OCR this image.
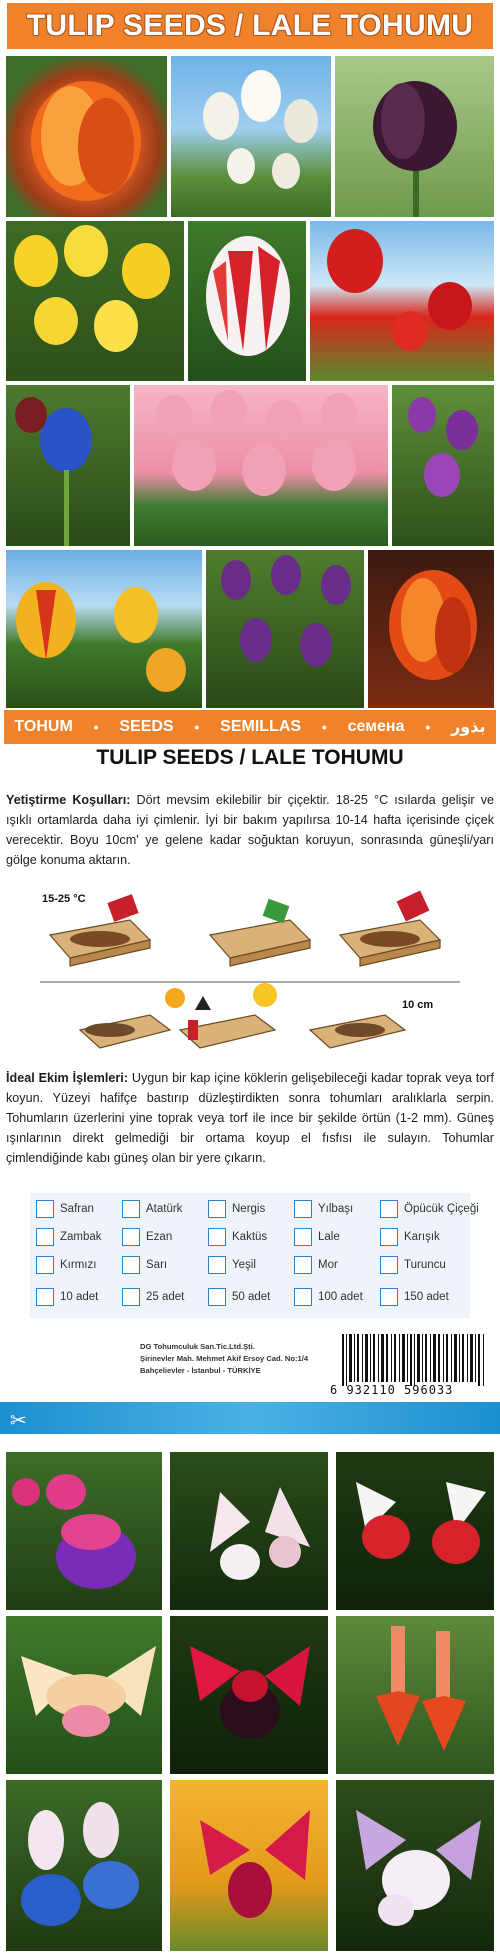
TULIP SEEDS / LALE TOHUMU
TOHUM • SEEDS • SEMILLAS • семена • بذور
TULIP SEEDS / LALE TOHUMU
Yetiştirme Koşulları: Dört mevsim ekilebilir bir çiçektir. 18-25 °C ısılarda gelişir ve ışıklı ortamlarda daha iyi çimlenir. İyi bir bakım yapılırsa 10-14 hafta içerisinde çiçek verecektir. Boyu 10cm' ye gelene kadar soğuktan koruyun, sonrasında güneşli/yarı gölge konuma aktarın.
15-25 °C
10 cm
İdeal Ekim İşlemleri: Uygun bir kap içine köklerin gelişebileceği kadar toprak veya torf koyun. Yüzeyi hafifçe bastırıp düzleştirdikten sonra tohumları aralıklarla serpin. Tohumların üzerlerini yine toprak veya torf ile ince bir şekilde örtün (1-2 mm). Güneş ışınlarının direkt gelmediği bir ortama koyup el fısfısı ile sulayın. Tohumlar çimlendiğinde kabı güneş olan bir yere çıkarın.
Safran	Atatürk	Nergis	Yılbaşı	Öpücük Çiçeği
Zambak	Ezan	Kaktüs	Lale	Karışık
Kırmızı	Sarı	Yeşil	Mor	Turuncu
10 adet	25 adet	50 adet	100 adet	150 adet
DG Tohumculuk San.Tic.Ltd.Şti.
Şirinevler Mah. Mehmet Akif Ersoy Cad. No:1/4
Bahçelievler - İstanbul - TÜRKİYE
6 932110 596033
✂
